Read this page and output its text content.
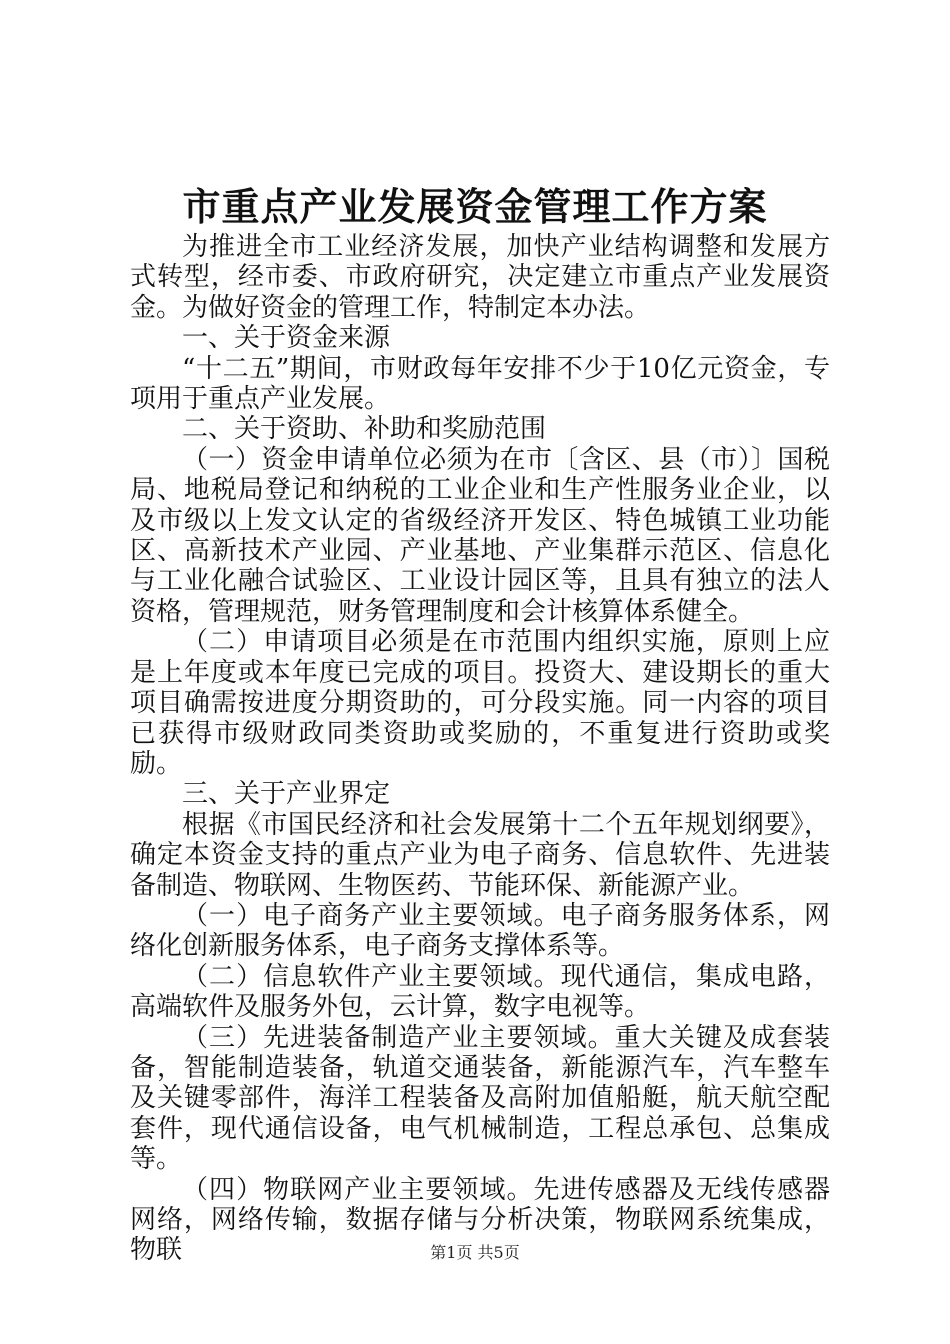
市重点产业发展资金管理工作方案

为推进全市工业经济发展，加快产业结构调整和发展方式转型，经市委、市政府研究，决定建立市重点产业发展资金。为做好资金的管理工作，特制定本办法。

一、关于资金来源

“十二五”期间，市财政每年安排不少于10亿元资金，专项用于重点产业发展。

二、关于资助、补助和奖励范围

（一）资金申请单位必须为在市〔含区、县（市）〕国税局、地税局登记和纳税的工业企业和生产性服务业企业，以及市级以上发文认定的省级经济开发区、特色城镇工业功能区、高新技术产业园、产业基地、产业集群示范区、信息化与工业化融合试验区、工业设计园区等，且具有独立的法人资格，管理规范，财务管理制度和会计核算体系健全。

（二）申请项目必须是在市范围内组织实施，原则上应是上年度或本年度已完成的项目。投资大、建设期长的重大项目确需按进度分期资助的，可分段实施。同一内容的项目已获得市级财政同类资助或奖励的，不重复进行资助或奖励。

三、关于产业界定

根据《市国民经济和社会发展第十二个五年规划纲要》，确定本资金支持的重点产业为电子商务、信息软件、先进装备制造、物联网、生物医药、节能环保、新能源产业。

（一）电子商务产业主要领域。电子商务服务体系，网络化创新服务体系，电子商务支撑体系等。

（二）信息软件产业主要领域。现代通信，集成电路，高端软件及服务外包，云计算，数字电视等。

（三）先进装备制造产业主要领域。重大关键及成套装备，智能制造装备，轨道交通装备，新能源汽车，汽车整车及关键零部件，海洋工程装备及高附加值船艇，航天航空配套件，现代通信设备，电气机械制造，工程总承包、总集成等。

（四）物联网产业主要领域。先进传感器及无线传感器网络，网络传输，数据存储与分析决策，物联网系统集成，物联	第1页 共5页
